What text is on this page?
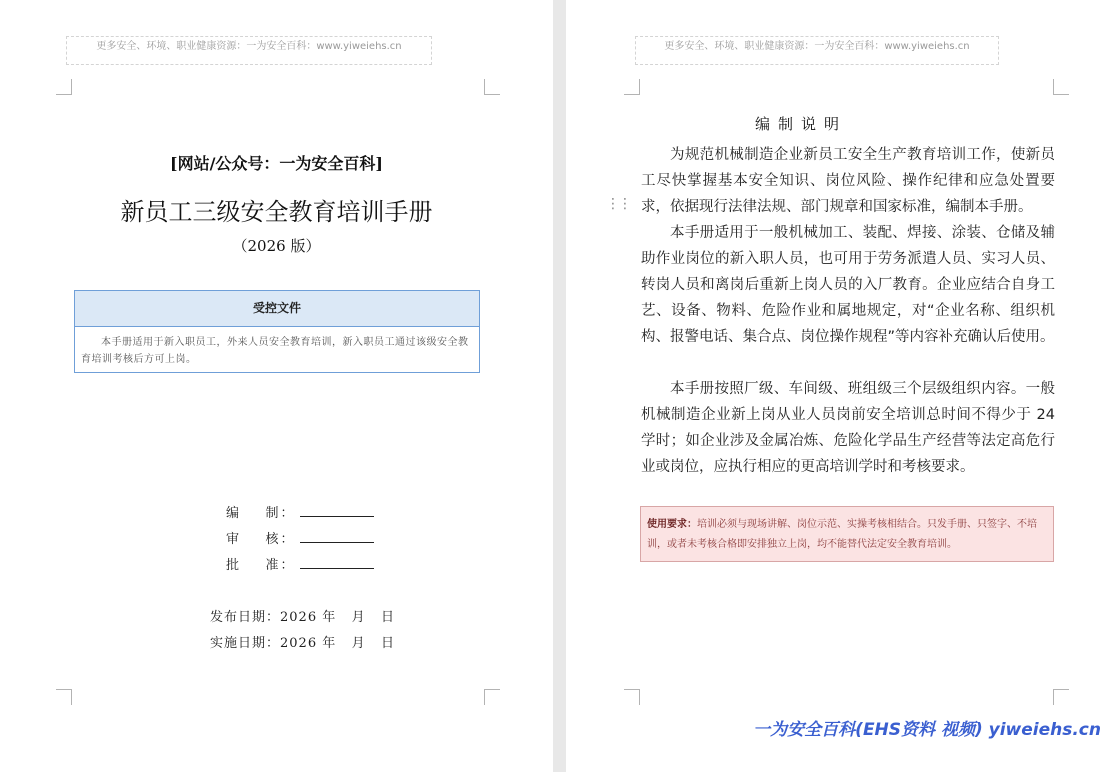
更多安全、环境、职业健康资源：一为安全百科：www.yiweiehs.cn
[网站/公众号：一为安全百科]
新员工三级安全教育培训手册
（2026 版）
受控文件
本手册适用于新入职员工，外来人员安全教育培训，新入职员工通过该级安全教育培训考核后方可上岗。
编    制：
审    核：
批    准：
发布日期：2026 年   月   日
实施日期：2026 年   月   日
更多安全、环境、职业健康资源：一为安全百科：www.yiweiehs.cn
编制说明
⋮⋮
为规范机械制造企业新员工安全生产教育培训工作，使新员工尽快掌握基本安全知识、岗位风险、操作纪律和应急处置要求，依据现行法律法规、部门规章和国家标准，编制本手册。
本手册适用于一般机械加工、装配、焊接、涂装、仓储及辅助作业岗位的新入职人员，也可用于劳务派遣人员、实习人员、转岗人员和离岗后重新上岗人员的入厂教育。企业应结合自身工艺、设备、物料、危险作业和属地规定，对“企业名称、组织机构、报警电话、集合点、岗位操作规程”等内容补充确认后使用。
本手册按照厂级、车间级、班组级三个层级组织内容。一般机械制造企业新上岗从业人员岗前安全培训总时间不得少于 24 学时；如企业涉及金属冶炼、危险化学品生产经营等法定高危行业或岗位，应执行相应的更高培训学时和考核要求。
使用要求：培训必须与现场讲解、岗位示范、实操考核相结合。只发手册、只签字、不培训，或者未考核合格即安排独立上岗，均不能替代法定安全教育培训。
一为安全百科(EHS资料 视频) yiweiehs.cn
